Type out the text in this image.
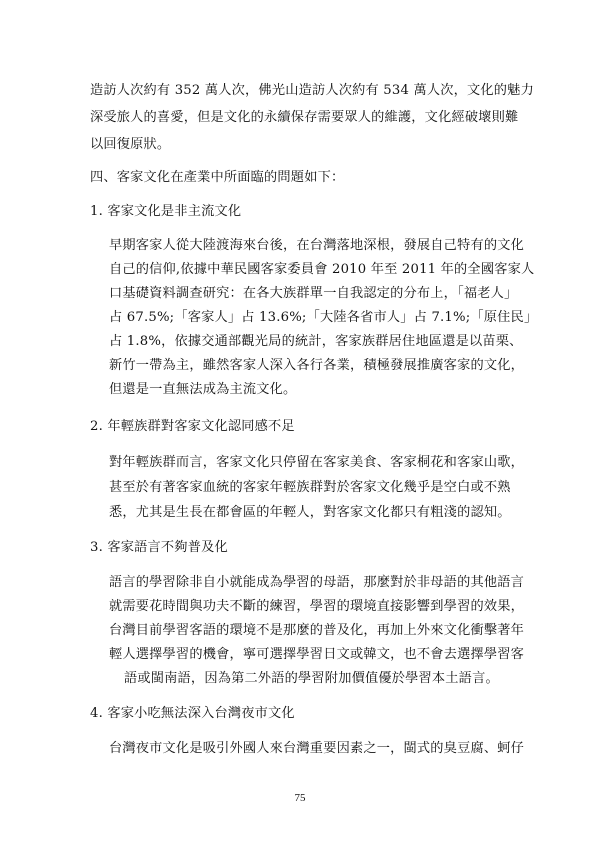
造訪人次約有 352 萬人次，佛光山造訪人次約有 534 萬人次，文化的魅力
深受旅人的喜愛，但是文化的永續保存需要眾人的維護，文化經破壞則難
以回復原狀。
四、客家文化在產業中所面臨的問題如下：
1. 客家文化是非主流文化
早期客家人從大陸渡海來台後，在台灣落地深根，發展自己特有的文化
自己的信仰,依據中華民國客家委員會 2010 年至 2011 年的全國客家人
口基礎資料調查研究：在各大族群單一自我認定的分布上，「福老人」
占 67.5%;「客家人」占 13.6%;「大陸各省市人」占 7.1%;「原住民」
占 1.8%，依據交通部觀光局的統計，客家族群居住地區還是以苗栗、
新竹一帶為主，雖然客家人深入各行各業，積極發展推廣客家的文化，
但還是一直無法成為主流文化。
2. 年輕族群對客家文化認同感不足
對年輕族群而言，客家文化只停留在客家美食、客家桐花和客家山歌，
甚至於有著客家血統的客家年輕族群對於客家文化幾乎是空白或不熟
悉，尤其是生長在都會區的年輕人，對客家文化都只有粗淺的認知。
3. 客家語言不夠普及化
語言的學習除非自小就能成為學習的母語，那麼對於非母語的其他語言
就需要花時間與功夫不斷的練習，學習的環境直接影響到學習的效果，
台灣目前學習客語的環境不是那麼的普及化，再加上外來文化衝擊著年
輕人選擇學習的機會，寧可選擇學習日文或韓文，也不會去選擇學習客
語或閩南語，因為第二外語的學習附加價值優於學習本土語言。
4. 客家小吃無法深入台灣夜市文化
台灣夜市文化是吸引外國人來台灣重要因素之一，閩式的臭豆腐、蚵仔
75
